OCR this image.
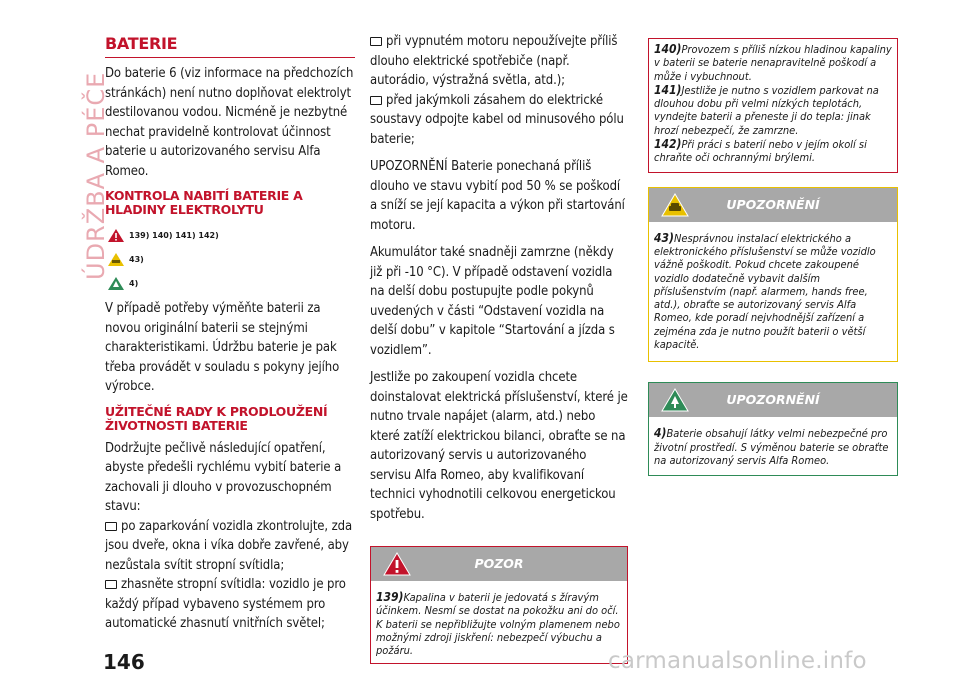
ÚDRŽBA A PÉČE
BATERIE

Do baterie 6 (viz informace na předchozích stránkách) není nutno doplňovat elektrolyt destilovanou vodou. Nicméně je nezbytné nechat pravidelně kontrolovat účinnost baterie u autorizovaného servisu Alfa Romeo.

KONTROLA NABITÍ BATERIE A HLADINY ELEKTROLYTU
139) 140) 141) 142)
43)
4)

V případě potřeby výměňte baterii za novou originální baterii se stejnými charakteristikami. Údržbu baterie je pak třeba provádět v souladu s pokyny jejího výrobce.

UŽITEČNÉ RADY K PRODLOUŽENÍ ŽIVOTNOSTI BATERIE

Dodržujte pečlivě následující opatření, abyste předešli rychlému vybití baterie a zachovali ji dlouho v provozuschopném stavu:

po zaparkování vozidla zkontrolujte, zda jsou dveře, okna i víka dobře zavřené, aby nezůstala svítit stropní svítidla;

zhasněte stropní svítidla: vozidlo je pro každý případ vybaveno systémem pro automatické zhasnutí vnitřních světel;

při vypnutém motoru nepoužívejte příliš dlouho elektrické spotřebiče (např. autorádio, výstražná světla, atd.);

před jakýmkoli zásahem do elektrické soustavy odpojte kabel od minusového pólu baterie;

UPOZORNĚNÍ Baterie ponechaná příliš dlouho ve stavu vybití pod 50 % se poškodí a sníží se její kapacita a výkon při startování motoru.

Akumulátor také snadněji zamrzne (někdy již při -10 °C). V případě odstavení vozidla na delší dobu postupujte podle pokynů uvedených v části “Odstavení vozidla na delší dobu” v kapitole “Startování a jízda s vozidlem”.

Jestliže po zakoupení vozidla chcete doinstalovat elektrická příslušenství, které je nutno trvale napájet (alarm, atd.) nebo které zatíží elektrickou bilanci, obraťte se na autorizovaný servis u autorizovaného servisu Alfa Romeo, aby kvalifikovaní technici vyhodnotili celkovou energetickou spotřebu.

POZOR
139)Kapalina v baterii je jedovatá s žíravým účinkem. Nesmí se dostat na pokožku ani do očí. K baterii se nepřibližujte volným plamenem nebo možnými zdroji jiskření: nebezpečí výbuchu a požáru.
140)Provozem s příliš nízkou hladinou kapaliny v baterii se baterie nenapravitelně poškodí a může i vybuchnout.
141)Jestliže je nutno s vozidlem parkovat na dlouhou dobu při velmi nízkých teplotách, vyndejte baterii a přeneste ji do tepla: jinak hrozí nebezpečí, že zamrzne.
142)Při práci s baterií nebo v jejím okolí si chraňte oči ochrannými brýlemi.
UPOZORNĚNÍ
43)Nesprávnou instalací elektrického a elektronického příslušenství se může vozidlo vážně poškodit. Pokud chcete zakoupené vozidlo dodatečně vybavit dalším příslušenstvím (např. alarmem, hands free, atd.), obraťte se autorizovaný servis Alfa Romeo, kde poradí nejvhodnější zařízení a zejména zda je nutno použít baterii o větší kapacitě.
UPOZORNĚNÍ
4)Baterie obsahují látky velmi nebezpečné pro životní prostředí. S výměnou baterie se obraťte na autorizovaný servis Alfa Romeo.
146	carmanualsonline.info
